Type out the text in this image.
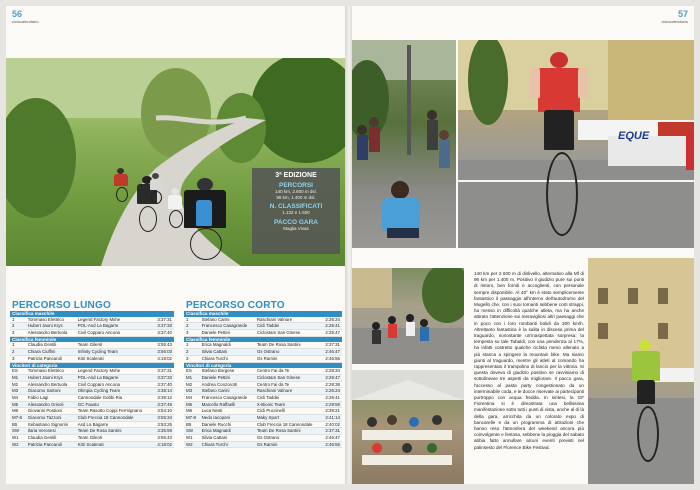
56
ciclocalendario
3ª EDIZIONE
PERCORSI
140 km, 2.600 m dsl.
96 km, 1.400 m dsl.
N. CLASSIFICATI
1.132 e 1.600
PACCO GARA
Maglia Vivas
PERCORSO LUNGO	PERCORSO CORTO
Classifica maschile			
1	Tommaso Elettrico	Legend Factory Mxhe	3:37:31
2	Hubert Jaoni Krys	POL-Asd La Bagarre	3:37:33
3	Alessandro Bertuola	Civil Copparo Ancona	3:37:40
Classifica femminile			
1	Claudia Gentili	Team Gilenti	3:55:43
2	Chiara Ciuffini	Infinity Cycling Team	3:56:03
3	Patrizia Pancaroli	Kitri Scalerati	4:18:02
Vincitori di categoria			
ES	Tommaso Elettrico	Legend Factory Mxhe	3:37:31
M1	Hubert Jaoni Krys	POL-Asd La Bagarre	3:37:33
M2	Alessandro Bertuola	Civil Copparo Ancona	3:37:40
M3	Giacomo Sartoni	Olimpia Cycling Team	3:38:14
M4	Fabio Lagi	Cannondale Gobbi Ria	3:39:12
M5	Alessandro Grisoli	GC Fausto	3:37:49
M6	Giovanni Postioni	Team Rasotto Coppi Fermignano	3:54:10
M7-8	Giacomo Tazzoni	Club Freccia 18 Cannondale	3:55:34
B5	Sebastiano Signorini	Asd La Bagarre	3:53:25
SW	Ilaria Veronesi	Team De Rosa Santini	3:35:59
W1	Claudia Gentili	Team Gilenti	3:55:43
W2	Patrizia Pancaroli	Kitri Scalerati	4:18:02
Classifica maschile			
1	Stefano Carini	Raschiani Valnure	2:26:24
2	Francesco Casagrande	Cicli Taddei	2:26:41
3	Daniele Pettini	Ciclostam San Ginese	2:26:47
Classifica femminile			
1	Erica Magnaldi	Team De Rosa Santini	2:37:31
2	Silvia Cattani	Gs Ostrano	2:46:47
3	Chiara Turchi	Gs Ramini	2:46:55
Vincitori di categoria			
ES	Stefano Borgese	Centro Fai da Te	2:28:34
M1	Daniele Pettini	Ciclostam San Ginese	2:26:47
M2	Andrea Conzorotti	Centro Fai da Te	2:28:38
M3	Stefano Carini	Raschiani Valnure	2:26:24
M4	Francesco Casagrande	Cicli Taddei	2:26:41
M5	Marcello Raffaelli	X-Bionic Team	2:29:59
M6	Luca Nesti	Cicli Puccinelli	2:39:21
M7-8	Nedo Iacoponi	Maky Sport	2:41:14
B5	Daniele Rucchi	Club Freccia 18 Cannondale	2:40:02
SW	Erica Magnaldi	Team De Rosa Santini	2:37:31
W1	Silvia Cattani	Gs Ostrano	2:46:47
W2	Chiara Turchi	Gs Ramini	2:46:55
57
ciclocalendario
EQUE
140 km per 2 600 m di dislivello, alternativo alla Mf di 96 km per 1.400 m. Positivo il giudizio pure sui punti di ristoro, ben forniti e accoglienti, con personale sempre disponibile. Al 40° km è stato semplicemente fantastico il passaggio all'interno dell'autodromo del Mugello che, con i suoi tornanti sebbene corti strappi, ha messo in difficoltà qualche atleta, ma ha anche attirato l'attenzione sui meravigliosi altri paesaggi che in poco con i loro rombanti bolidi da 300 km/h. Altrettanto fantastica è la salita in discesa prima del traguardo, nonostante un'inaspettata sorpresa: la tempesta su tale Tabaldi, con una pendenza al 17%, ha infatti costretto qualche ciclista meno allenato a più stanca a spingere la mountain bike. Ma siamo giunti al traguardo, mentre gli atleti al comando ha rappresentato il trampolino di lancio per la vittoria. Si questa doveva di giudizio positivo se ravvisiamo di sottolineare tre aspetti da migliorare. Il pacco gara, l'accesso al pasta party congestionato da un interminabile coda, e le docce riservate ai partecipanti purtroppo con acqua fredda. In sintesi, la GF Fiorentina si è dimostrata una bellissima manifestazione sotto tutti i punti di vista, anche al di là della gara, arricchita da un colorato expo di bancarelle e da un programma di attrazioni che hanno reso l'atmosfera del weekend ancora più coinvolgente e festosa, sebbene la pioggia del sabato abbia fatto annullare alcuni eventi previsti nel palinsesto del Florence Bike Festival.
